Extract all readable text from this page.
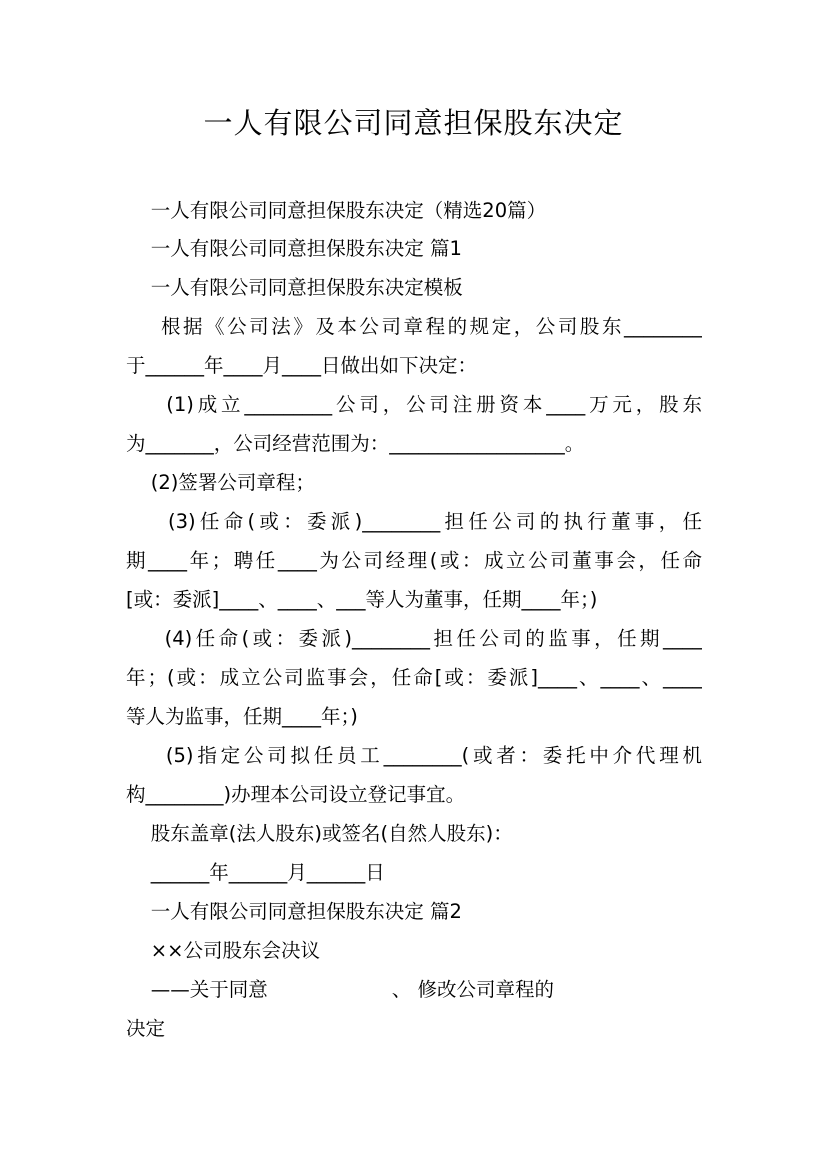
一人有限公司同意担保股东决定
一人有限公司同意担保股东决定（精选20篇）
一人有限公司同意担保股东决定 篇1
一人有限公司同意担保股东决定模板
根据《公司法》及本公司章程的规定，公司股东________
于______年____月____日做出如下决定：
(1)成立_________公司，公司注册资本____万元，股东
为_______，公司经营范围为：__________________。
(2)签署公司章程；
(3)任命(或：委派)________担任公司的执行董事，任
期____年；聘任____为公司经理(或：成立公司董事会，任命
[或：委派]____、____、___等人为董事，任期____年；)
(4)任命(或：委派)________担任公司的监事，任期____
年；(或：成立公司监事会，任命[或：委派]____、____、____
等人为监事，任期____年；)
(5)指定公司拟任员工________(或者：委托中介代理机
构________)办理本公司设立登记事宜。
股东盖章(法人股东)或签名(自然人股东)：
______年______月______日
一人有限公司同意担保股东决定 篇2
××公司股东会决议
——关于同意                    、 修改公司章程的
决定
